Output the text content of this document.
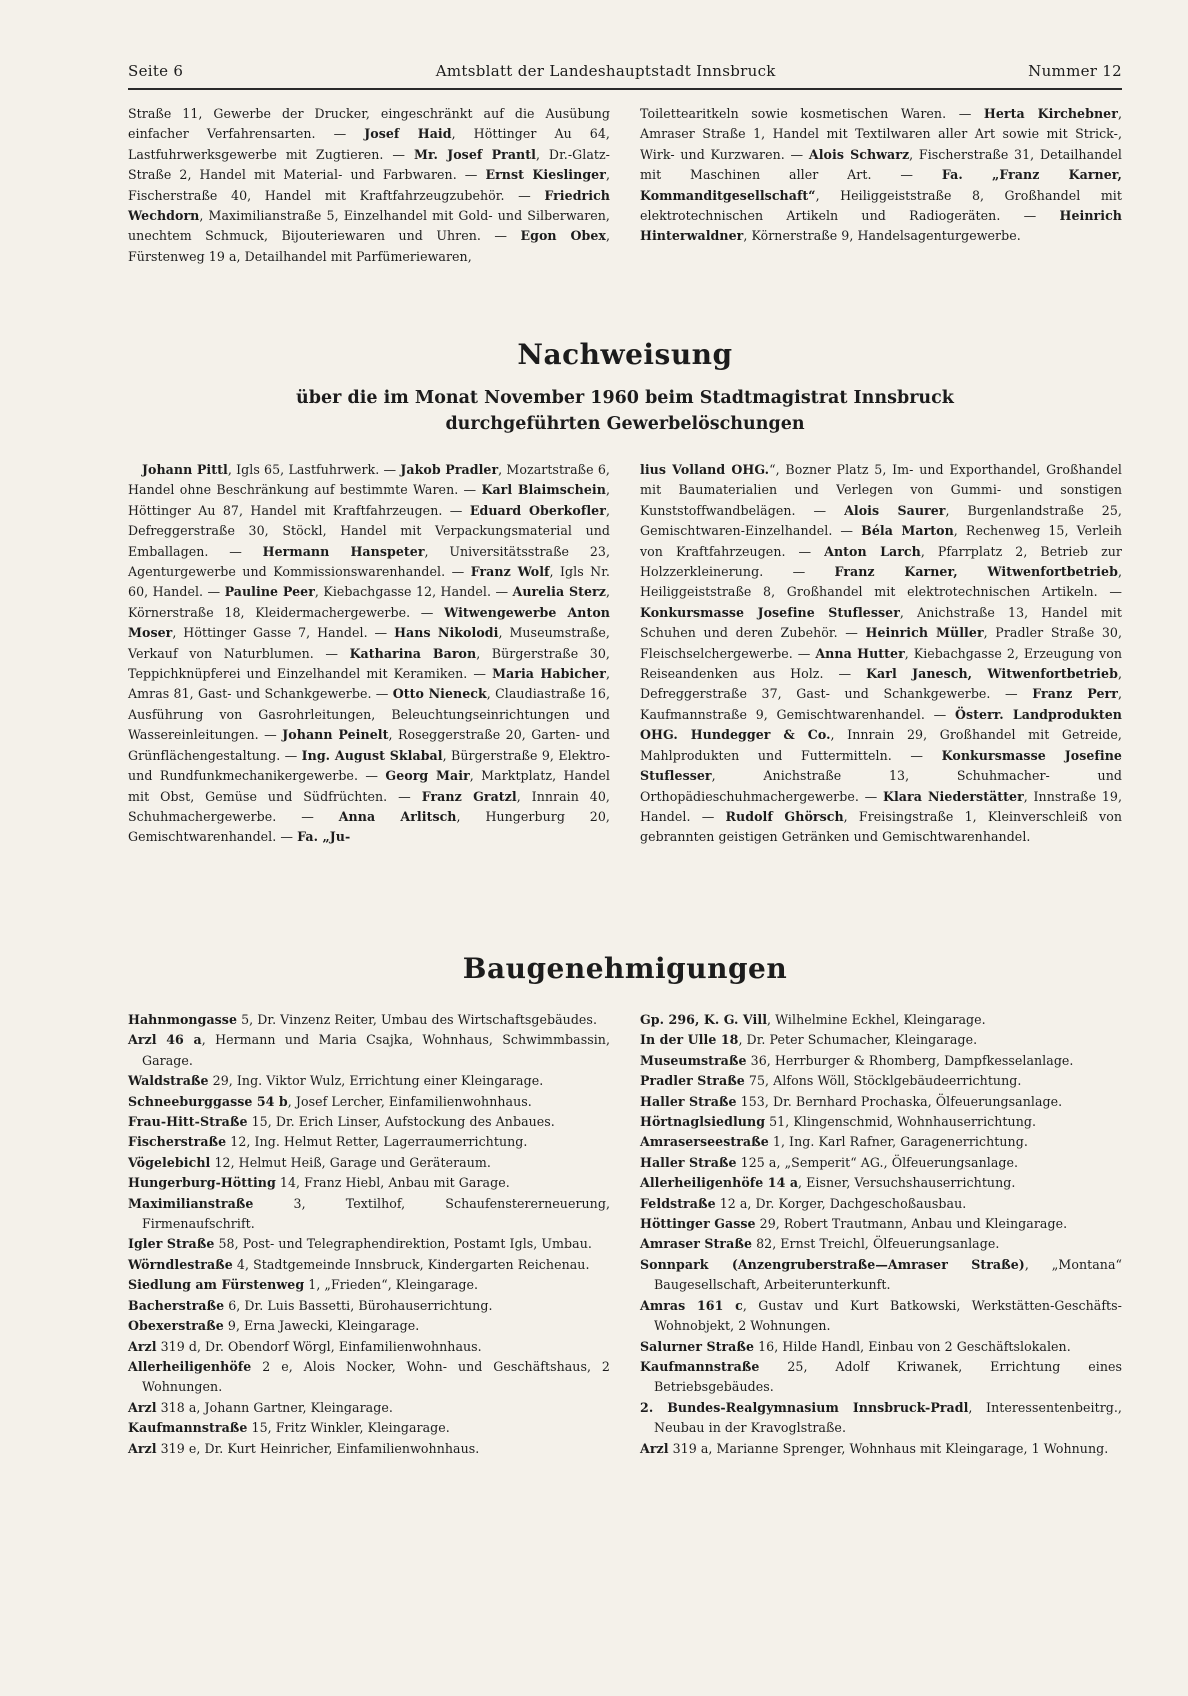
Seite 6	Amtsblatt der Landeshauptstadt Innsbruck	Nummer 12

Straße 11, Gewerbe der Drucker, eingeschränkt auf die Ausübung einfacher Verfahrensarten. — Josef Haid, Höttinger Au 64, Lastfuhrwerksgewerbe mit Zugtieren. — Mr. Josef Prantl, Dr.-Glatz-Straße 2, Handel mit Material- und Farbwaren. — Ernst Kieslinger, Fischerstraße 40, Handel mit Kraftfahrzeugzubehör. — Friedrich Wechdorn, Maximilianstraße 5, Einzelhandel mit Gold- und Silberwaren, unechtem Schmuck, Bijouteriewaren und Uhren. — Egon Obex, Fürstenweg 19 a, Detailhandel mit Parfümeriewaren,

Toilettearitkeln sowie kosmetischen Waren. — Herta Kirchebner, Amraser Straße 1, Handel mit Textilwaren aller Art sowie mit Strick-, Wirk- und Kurzwaren. — Alois Schwarz, Fischerstraße 31, Detailhandel mit Maschinen aller Art. — Fa. „Franz Karner, Kommanditgesellschaft“, Heiliggeiststraße 8, Großhandel mit elektrotechnischen Artikeln und Radiogeräten. — Heinrich Hinterwaldner, Körnerstraße 9, Handelsagenturgewerbe.

Nachweisung
über die im Monat November 1960 beim Stadtmagistrat Innsbruck
durchgeführten Gewerbelöschungen

Johann Pittl, Igls 65, Lastfuhrwerk. — Jakob Pradler, Mozartstraße 6, Handel ohne Beschränkung auf bestimmte Waren. — Karl Blaimschein, Höttinger Au 87, Handel mit Kraftfahrzeugen. — Eduard Oberkofler, Defreggerstraße 30, Stöckl, Handel mit Verpackungsmaterial und Emballagen. — Hermann Hanspeter, Universitätsstraße 23, Agenturgewerbe und Kommissionswarenhandel. — Franz Wolf, Igls Nr. 60, Handel. — Pauline Peer, Kiebachgasse 12, Handel. — Aurelia Sterz, Körnerstraße 18, Kleidermachergewerbe. — Witwengewerbe Anton Moser, Höttinger Gasse 7, Handel. — Hans Nikolodi, Museumstraße, Verkauf von Naturblumen. — Katharina Baron, Bürgerstraße 30, Teppichknüpferei und Einzelhandel mit Keramiken. — Maria Habicher, Amras 81, Gast- und Schankgewerbe. — Otto Nieneck, Claudiastraße 16, Ausführung von Gasrohrleitungen, Beleuchtungseinrichtungen und Wassereinleitungen. — Johann Peinelt, Roseggerstraße 20, Garten- und Grünflächengestaltung. — Ing. August Sklabal, Bürgerstraße 9, Elektro- und Rundfunkmechanikergewerbe. — Georg Mair, Marktplatz, Handel mit Obst, Gemüse und Südfrüchten. — Franz Gratzl, Innrain 40, Schuhmachergewerbe. — Anna Arlitsch, Hungerburg 20, Gemischtwarenhandel. — Fa. „Ju-

lius Volland OHG.“, Bozner Platz 5, Im- und Exporthandel, Großhandel mit Baumaterialien und Verlegen von Gummi- und sonstigen Kunststoffwandbelägen. — Alois Saurer, Burgenlandstraße 25, Gemischtwaren-Einzelhandel. — Béla Marton, Rechenweg 15, Verleih von Kraftfahrzeugen. — Anton Larch, Pfarrplatz 2, Betrieb zur Holzzerkleinerung. — Franz Karner, Witwenfortbetrieb, Heiliggeiststraße 8, Großhandel mit elektrotechnischen Artikeln. — Konkursmasse Josefine Stuflesser, Anichstraße 13, Handel mit Schuhen und deren Zubehör. — Heinrich Müller, Pradler Straße 30, Fleischselchergewerbe. — Anna Hutter, Kiebachgasse 2, Erzeugung von Reiseandenken aus Holz. — Karl Janesch, Witwenfortbetrieb, Defreggerstraße 37, Gast- und Schankgewerbe. — Franz Perr, Kaufmannstraße 9, Gemischtwarenhandel. — Österr. Landprodukten OHG. Hundegger & Co., Innrain 29, Großhandel mit Getreide, Mahlprodukten und Futtermitteln. — Konkursmasse Josefine Stuflesser, Anichstraße 13, Schuhmacher- und Orthopädieschuhmachergewerbe. — Klara Niederstätter, Innstraße 19, Handel. — Rudolf Ghörsch, Freisingstraße 1, Kleinverschleiß von gebrannten geistigen Getränken und Gemischtwarenhandel.

Baugenehmigungen

Hahnmongasse 5, Dr. Vinzenz Reiter, Umbau des Wirtschaftsgebäudes.

Arzl 46 a, Hermann und Maria Csajka, Wohnhaus, Schwimmbassin, Garage.

Waldstraße 29, Ing. Viktor Wulz, Errichtung einer Kleingarage.

Schneeburggasse 54 b, Josef Lercher, Einfamilienwohnhaus.

Frau-Hitt-Straße 15, Dr. Erich Linser, Aufstockung des Anbaues.

Fischerstraße 12, Ing. Helmut Retter, Lagerraumerrichtung.

Vögelebichl 12, Helmut Heiß, Garage und Geräteraum.

Hungerburg-Hötting 14, Franz Hiebl, Anbau mit Garage.

Maximilianstraße 3, Textilhof, Schaufenstererneuerung, Firmenaufschrift.

Igler Straße 58, Post- und Telegraphendirektion, Postamt Igls, Umbau.

Wörndlestraße 4, Stadtgemeinde Innsbruck, Kindergarten Reichenau.

Siedlung am Fürstenweg 1, „Frieden“, Kleingarage.

Bacherstraße 6, Dr. Luis Bassetti, Bürohauserrichtung.

Obexerstraße 9, Erna Jawecki, Kleingarage.

Arzl 319 d, Dr. Obendorf Wörgl, Einfamilienwohnhaus.

Allerheiligenhöfe 2 e, Alois Nocker, Wohn- und Geschäftshaus, 2 Wohnungen.

Arzl 318 a, Johann Gartner, Kleingarage.

Kaufmannstraße 15, Fritz Winkler, Kleingarage.

Arzl 319 e, Dr. Kurt Heinricher, Einfamilienwohnhaus.

Gp. 296, K. G. Vill, Wilhelmine Eckhel, Kleingarage.

In der Ulle 18, Dr. Peter Schumacher, Kleingarage.

Museumstraße 36, Herrburger & Rhomberg, Dampfkesselanlage.

Pradler Straße 75, Alfons Wöll, Stöcklgebäudeerrichtung.

Haller Straße 153, Dr. Bernhard Prochaska, Ölfeuerungsanlage.

Hörtnaglsiedlung 51, Klingenschmid, Wohnhauserrichtung.

Amraserseestraße 1, Ing. Karl Rafner, Garagenerrichtung.

Haller Straße 125 a, „Semperit“ AG., Ölfeuerungsanlage.

Allerheiligenhöfe 14 a, Eisner, Versuchshauserrichtung.

Feldstraße 12 a, Dr. Korger, Dachgeschoßausbau.

Höttinger Gasse 29, Robert Trautmann, Anbau und Kleingarage.

Amraser Straße 82, Ernst Treichl, Ölfeuerungsanlage.

Sonnpark (Anzengruberstraße—Amraser Straße), „Montana“ Baugesellschaft, Arbeiterunterkunft.

Amras 161 c, Gustav und Kurt Batkowski, Werkstätten-Geschäfts-Wohnobjekt, 2 Wohnungen.

Salurner Straße 16, Hilde Handl, Einbau von 2 Geschäftslokalen.

Kaufmannstraße 25, Adolf Kriwanek, Errichtung eines Betriebsgebäudes.

2. Bundes-Realgymnasium Innsbruck-Pradl, Interessentenbeitrg., Neubau in der Kravoglstraße.

Arzl 319 a, Marianne Sprenger, Wohnhaus mit Kleingarage, 1 Wohnung.
